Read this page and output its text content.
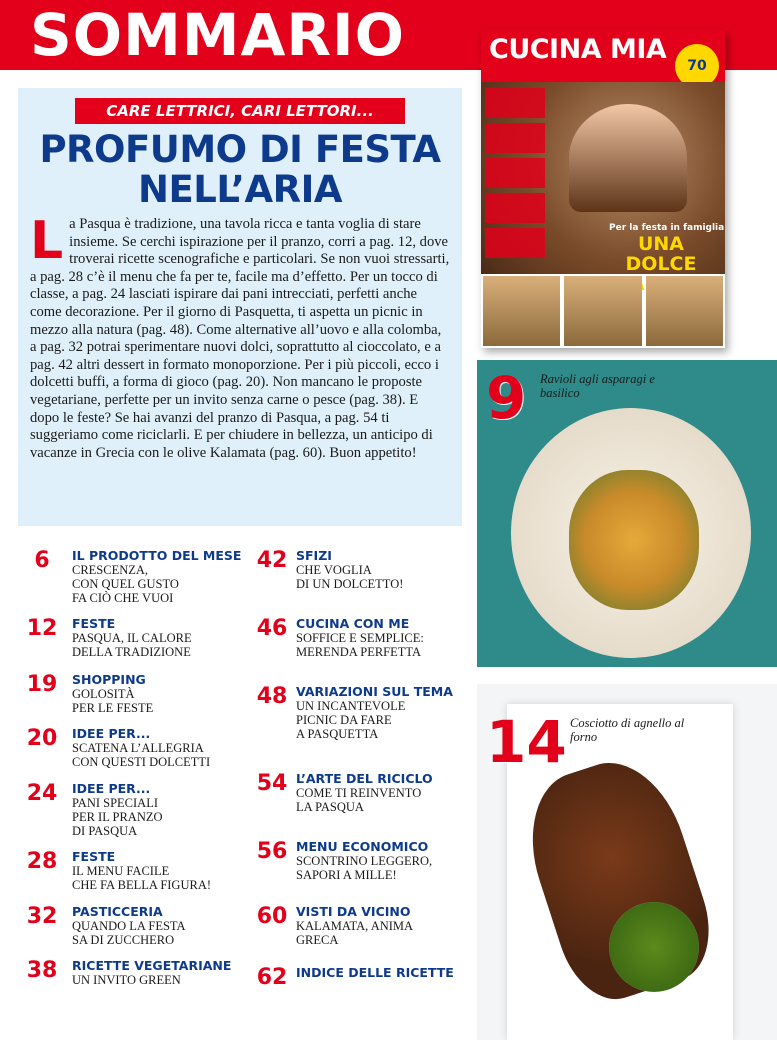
SOMMARIO
CARE LETTRICI, CARI LETTORI...
PROFUMO DI FESTA NELL’ARIA
La Pasqua è tradizione, una tavola ricca e tanta voglia di stare insieme. Se cerchi ispirazione per il pranzo, corri a pag. 12, dove troverai ricette scenografiche e particolari. Se non vuoi stressarti, a pag. 28 c’è il menu che fa per te, facile ma d’effetto. Per un tocco di classe, a pag. 24 lasciati ispirare dai pani intrecciati, perfetti anche come decorazione. Per il giorno di Pasquetta, ti aspetta un picnic in mezzo alla natura (pag. 48). Come alternative all’uovo e alla colomba, a pag. 32 potrai sperimentare nuovi dolci, soprattutto al cioccolato, e a pag. 42 altri dessert in formato monoporzione. Per i più piccoli, ecco i dolcetti buffi, a forma di gioco (pag. 20). Non mancano le proposte vegetariane, perfette per un invito senza carne o pesce (pag. 38). E dopo le feste? Se hai avanzi del pranzo di Pasqua, a pag. 54 ti suggeriamo come riciclarli. E per chiudere in bellezza, un anticipo di vacanze in Grecia con le olive Kalamata (pag. 60). Buon appetito!
CUCINA MIA
70
Per la festa in famiglia
UNA DOLCE
9 Ravioli agli asparagi e basilico
14 Cosciotto di agnello al forno
6	IL PRODOTTO DEL MESE
CRESCENZA,
CON QUEL GUSTO
FA CIÒ CHE VUOI
12	FESTE
PASQUA, IL CALORE
DELLA TRADIZIONE
19	SHOPPING
GOLOSITÀ
PER LE FESTE
20	IDEE PER...
SCATENA L’ALLEGRIA
CON QUESTI DOLCETTI
24	IDEE PER...
PANI SPECIALI
PER IL PRANZO
DI PASQUA
28	FESTE
IL MENU FACILE
CHE FA BELLA FIGURA!
32	PASTICCERIA
QUANDO LA FESTA
SA DI ZUCCHERO
38	RICETTE VEGETARIANE
UN INVITO GREEN
42 SFIZI
CHE VOGLIA
DI UN DOLCETTO!
46 CUCINA CON ME
SOFFICE E SEMPLICE:
MERENDA PERFETTA
48 VARIAZIONI SUL TEMA
UN INCANTEVOLE
PICNIC DA FARE
A PASQUETTA
54 L’ARTE DEL RICICLO
COME TI REINVENTO
LA PASQUA
56 MENU ECONOMICO
SCONTRINO LEGGERO,
SAPORI A MILLE!
60 VISTI DA VICINO
KALAMATA, ANIMA
GRECA
62 INDICE DELLE RICETTE
